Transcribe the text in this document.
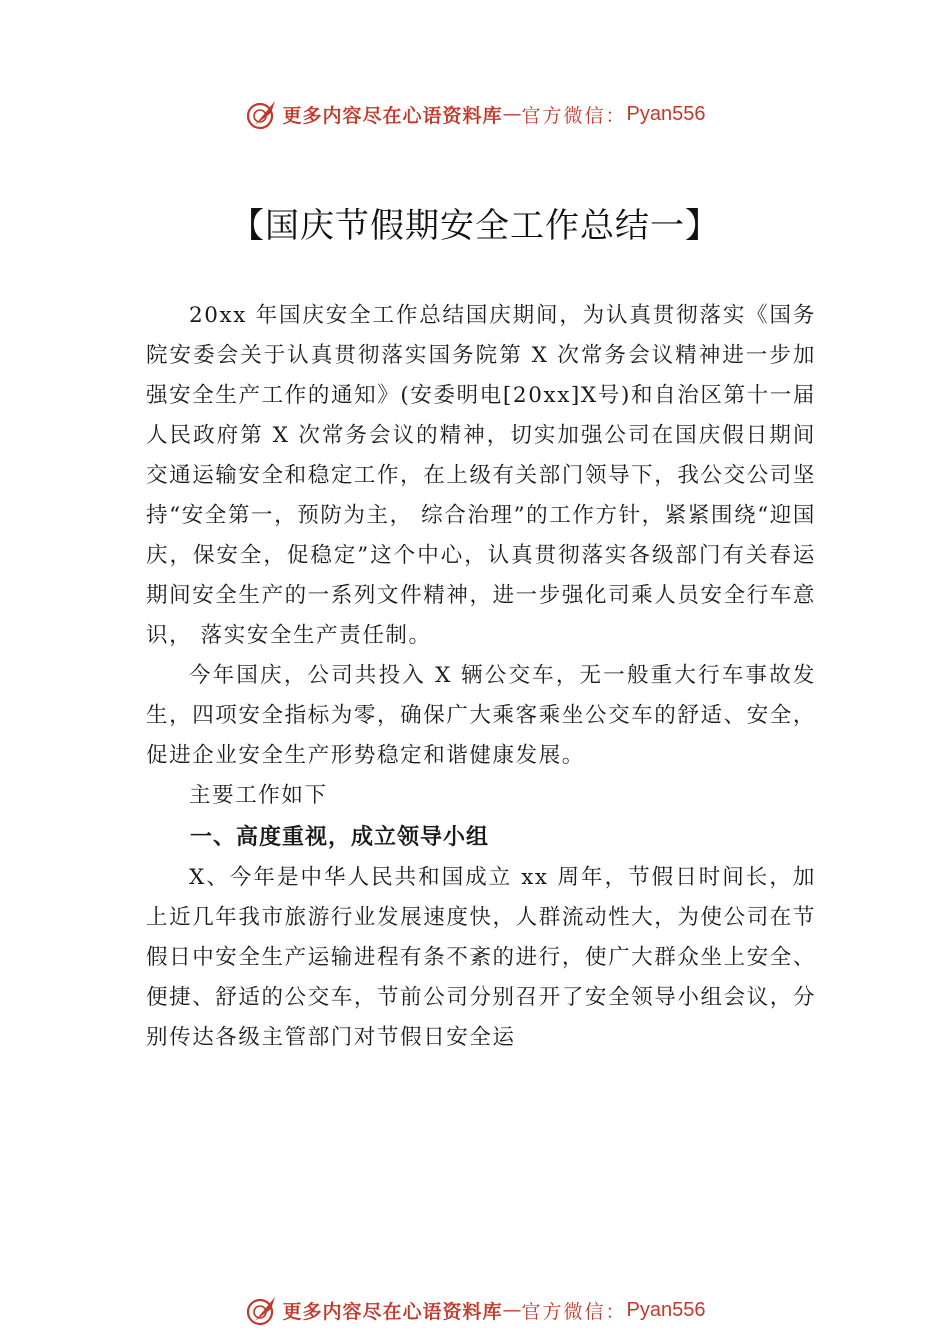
更多内容尽在心语资料库 — 官方微信： Pyan556
【国庆节假期安全工作总结一】

20xx 年国庆安全工作总结国庆期间，为认真贯彻落实《国务院安委会关于认真贯彻落实国务院第 X 次常务会议精神进一步加强安全生产工作的通知》(安委明电[20xx]X号)和自治区第十一届人民政府第 X 次常务会议的精神，切实加强公司在国庆假日期间交通运输安全和稳定工作，在上级有关部门领导下，我公交公司坚持“安全第一，预防为主， 综合治理”的工作方针，紧紧围绕“迎国庆，保安全，促稳定”这个中心，认真贯彻落实各级部门有关春运期间安全生产的一系列文件精神，进一步强化司乘人员安全行车意识， 落实安全生产责任制。

今年国庆，公司共投入 X 辆公交车，无一般重大行车事故发生，四项安全指标为零，确保广大乘客乘坐公交车的舒适、安全，促进企业安全生产形势稳定和谐健康发展。

主要工作如下

一、高度重视，成立领导小组

X、今年是中华人民共和国成立 xx 周年，节假日时间长，加上近几年我市旅游行业发展速度快，人群流动性大，为使公司在节假日中安全生产运输进程有条不紊的进行，使广大群众坐上安全、便捷、舒适的公交车，节前公司分别召开了安全领导小组会议，分别传达各级主管部门对节假日安全运

更多内容尽在心语资料库 — 官方微信： Pyan556
